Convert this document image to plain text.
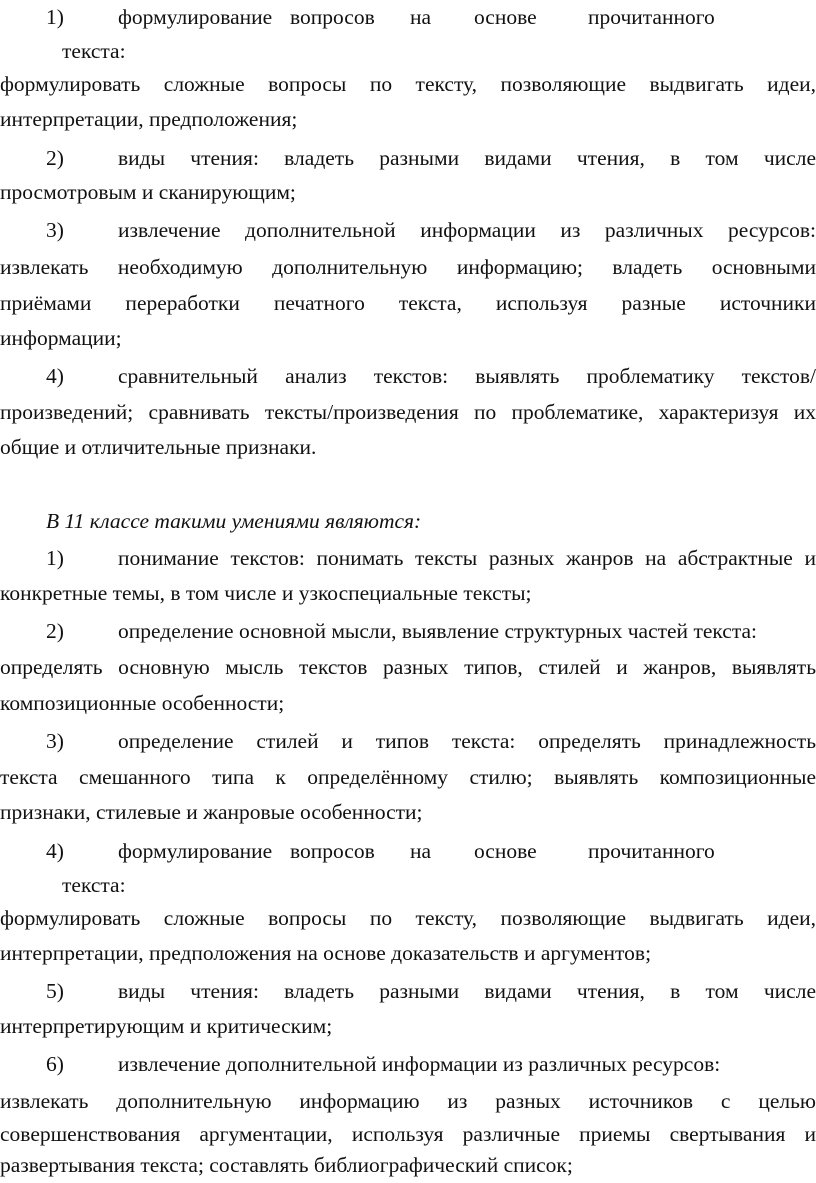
1)	формулирование вопросов на основе прочитанного
текста:
формулировать сложные вопросы по тексту, позволяющие выдвигать идеи,
интерпретации, предположения;
2)	виды чтения: владеть разными видами чтения, в том числе
просмотровым и сканирующим;
3)	извлечение дополнительной информации из различных ресурсов:
извлекать необходимую дополнительную информацию; владеть основными
приёмами переработки печатного текста, используя разные источники
информации;
4)	сравнительный анализ текстов: выявлять проблематику текстов/
произведений; сравнивать тексты/произведения по проблематике, характеризуя их
общие и отличительные признаки.
В 11 классе такими умениями являются:
1)	понимание текстов: понимать тексты разных жанров на абстрактные и
конкретные темы, в том числе и узкоспециальные тексты;
2)	определение основной мысли, выявление структурных частей текста:
определять основную мысль текстов разных типов, стилей и жанров, выявлять
композиционные особенности;
3)	определение стилей и типов текста: определять принадлежность
текста смешанного типа к определённому стилю; выявлять композиционные
признаки, стилевые и жанровые особенности;
4)	формулирование вопросов на основе прочитанного
текста:
формулировать сложные вопросы по тексту, позволяющие выдвигать идеи,
интерпретации, предположения на основе доказательств и аргументов;
5)	виды чтения: владеть разными видами чтения, в том числе
интерпретирующим и критическим;
6)	извлечение дополнительной информации из различных ресурсов:
извлекать дополнительную информацию из разных источников с целью
совершенствования аргументации, используя различные приемы свертывания и
развертывания текста; составлять библиографический список;
